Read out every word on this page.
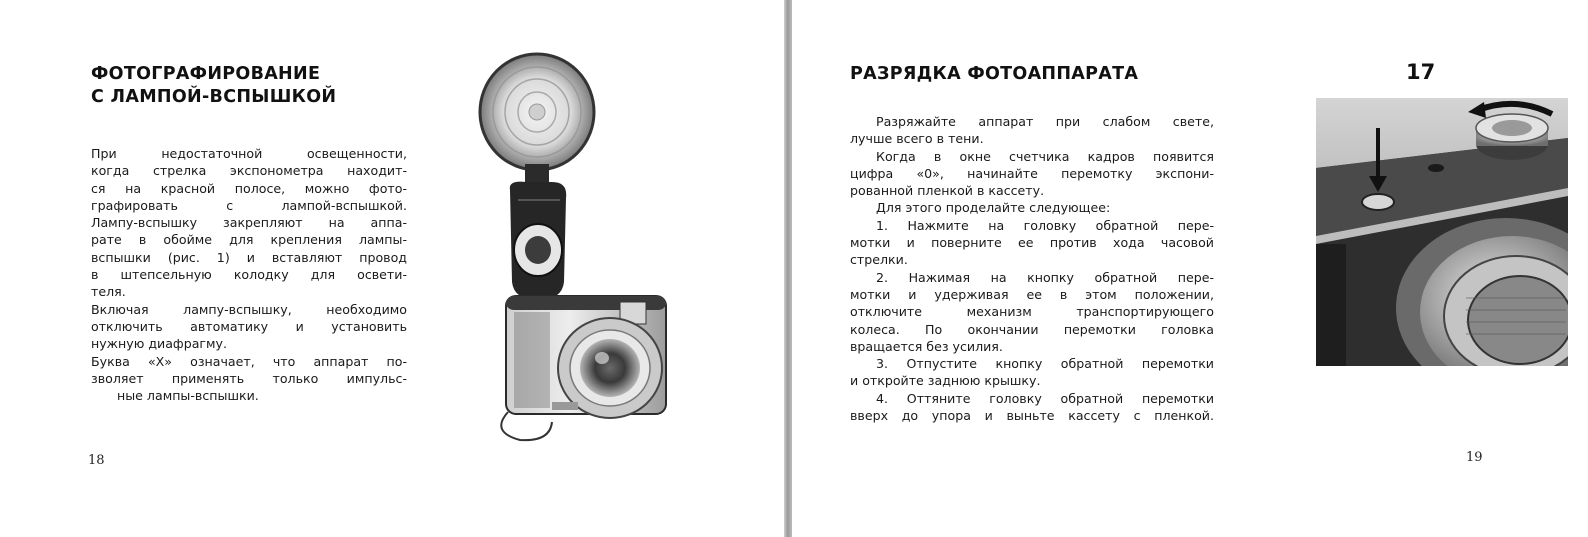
ФОТОГРАФИРОВАНИЕ
С ЛАМПОЙ-ВСПЫШКОЙ
При недостаточной освещенности,
когда стрелка экспонометра находит-
ся на красной полосе, можно фото-
графировать с лампой-вспышкой.
Лампу-вспышку закрепляют на аппа-
рате в обойме для крепления лампы-
вспышки (рис. 1) и вставляют провод
в штепсельную колодку для освети-
теля.
Включая лампу-вспышку, необходимо
отключить автоматику и установить
нужную диафрагму.
Буква «Х» означает, что аппарат по-
зволяет применять только импульс-
ные лампы-вспышки.
18
РАЗРЯДКА ФОТОАППАРАТА	17
Разряжайте аппарат при слабом свете,
лучше всего в тени.
Когда в окне счетчика кадров появится
цифра «0», начинайте перемотку экспони-
рованной пленкой в кассету.
Для этого проделайте следующее:
1. Нажмите на головку обратной пере-
мотки и поверните ее против хода часовой
стрелки.
2. Нажимая на кнопку обратной пере-
мотки и удерживая ее в этом положении,
отключите механизм транспортирующего
колеса. По окончании перемотки головка
вращается без усилия.
3. Отпустите кнопку обратной перемотки
и откройте заднюю крышку.
4. Оттяните головку обратной перемотки
вверх до упора и выньте кассету с пленкой.
19
